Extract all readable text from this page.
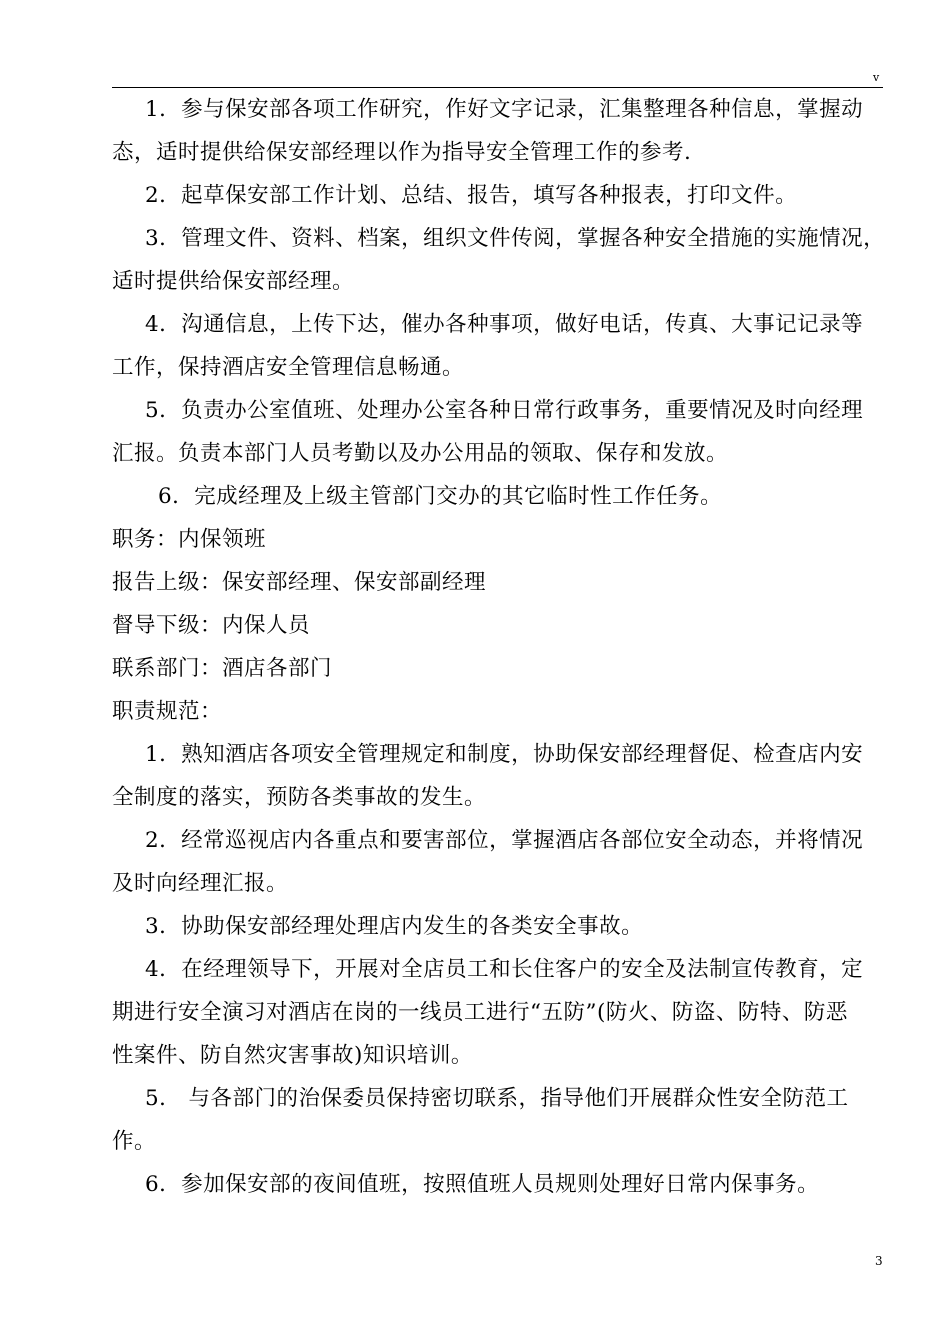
v
1．参与保安部各项工作研究，作好文字记录，汇集整理各种信息，掌握动
态，适时提供给保安部经理以作为指导安全管理工作的参考.
2．起草保安部工作计划、总结、报告，填写各种报表，打印文件。
3．管理文件、资料、档案，组织文件传阅，掌握各种安全措施的实施情况，
适时提供给保安部经理。
4．沟通信息，上传下达，催办各种事项，做好电话，传真、大事记记录等
工作，保持酒店安全管理信息畅通。
5．负责办公室值班、处理办公室各种日常行政事务，重要情况及时向经理
汇报。负责本部门人员考勤以及办公用品的领取、保存和发放。
6．完成经理及上级主管部门交办的其它临时性工作任务。
职务：内保领班
报告上级：保安部经理、保安部副经理
督导下级：内保人员
联系部门：酒店各部门
职责规范：
1．熟知酒店各项安全管理规定和制度，协助保安部经理督促、检查店内安
全制度的落实，预防各类事故的发生。
2．经常巡视店内各重点和要害部位，掌握酒店各部位安全动态，并将情况
及时向经理汇报。
3．协助保安部经理处理店内发生的各类安全事故。
4．在经理领导下，开展对全店员工和长住客户的安全及法制宣传教育，定
期进行安全演习对酒店在岗的一线员工进行“五防”(防火、防盗、防特、防恶
性案件、防自然灾害事故)知识培训。
5． 与各部门的治保委员保持密切联系，指导他们开展群众性安全防范工
作。
6．参加保安部的夜间值班，按照值班人员规则处理好日常内保事务。
3
